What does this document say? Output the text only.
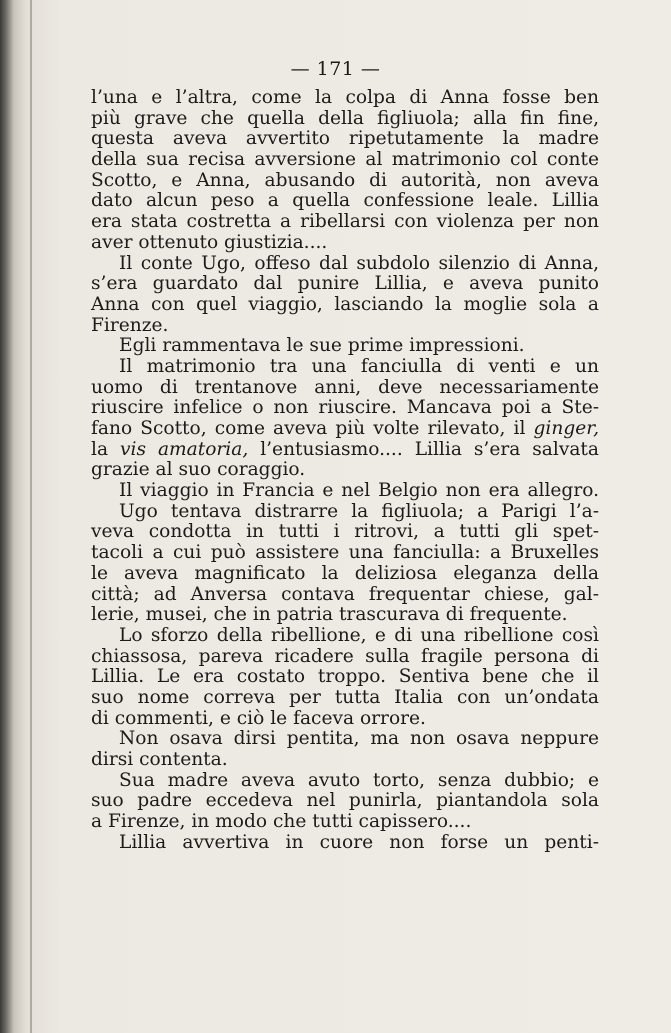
— 171 —
l’una e l’altra, come la colpa di Anna fosse ben
più grave che quella della figliuola; alla fin fine,
questa aveva avvertito ripetutamente la madre
della sua recisa avversione al matrimonio col conte
Scotto, e Anna, abusando di autorità, non aveva
dato alcun peso a quella confessione leale. Lillia
era stata costretta a ribellarsi con violenza per non
aver ottenuto giustizia....
Il conte Ugo, offeso dal subdolo silenzio di Anna,
s’era guardato dal punire Lillia, e aveva punito
Anna con quel viaggio, lasciando la moglie sola a
Firenze.
Egli rammentava le sue prime impressioni.
Il matrimonio tra una fanciulla di venti e un
uomo di trentanove anni, deve necessariamente
riuscire infelice o non riuscire. Mancava poi a Ste-
fano Scotto, come aveva più volte rilevato, il ginger,
la vis amatoria, l’entusiasmo.... Lillia s’era salvata
grazie al suo coraggio.
Il viaggio in Francia e nel Belgio non era allegro.
Ugo tentava distrarre la figliuola; a Parigi l’a-
veva condotta in tutti i ritrovi, a tutti gli spet-
tacoli a cui può assistere una fanciulla: a Bruxelles
le aveva magnificato la deliziosa eleganza della
città; ad Anversa contava frequentar chiese, gal-
lerie, musei, che in patria trascurava di frequente.
Lo sforzo della ribellione, e di una ribellione così
chiassosa, pareva ricadere sulla fragile persona di
Lillia. Le era costato troppo. Sentiva bene che il
suo nome correva per tutta Italia con un’ondata
di commenti, e ciò le faceva orrore.
Non osava dirsi pentita, ma non osava neppure
dirsi contenta.
Sua madre aveva avuto torto, senza dubbio; e
suo padre eccedeva nel punirla, piantandola sola
a Firenze, in modo che tutti capissero....
Lillia avvertiva in cuore non forse un penti-
